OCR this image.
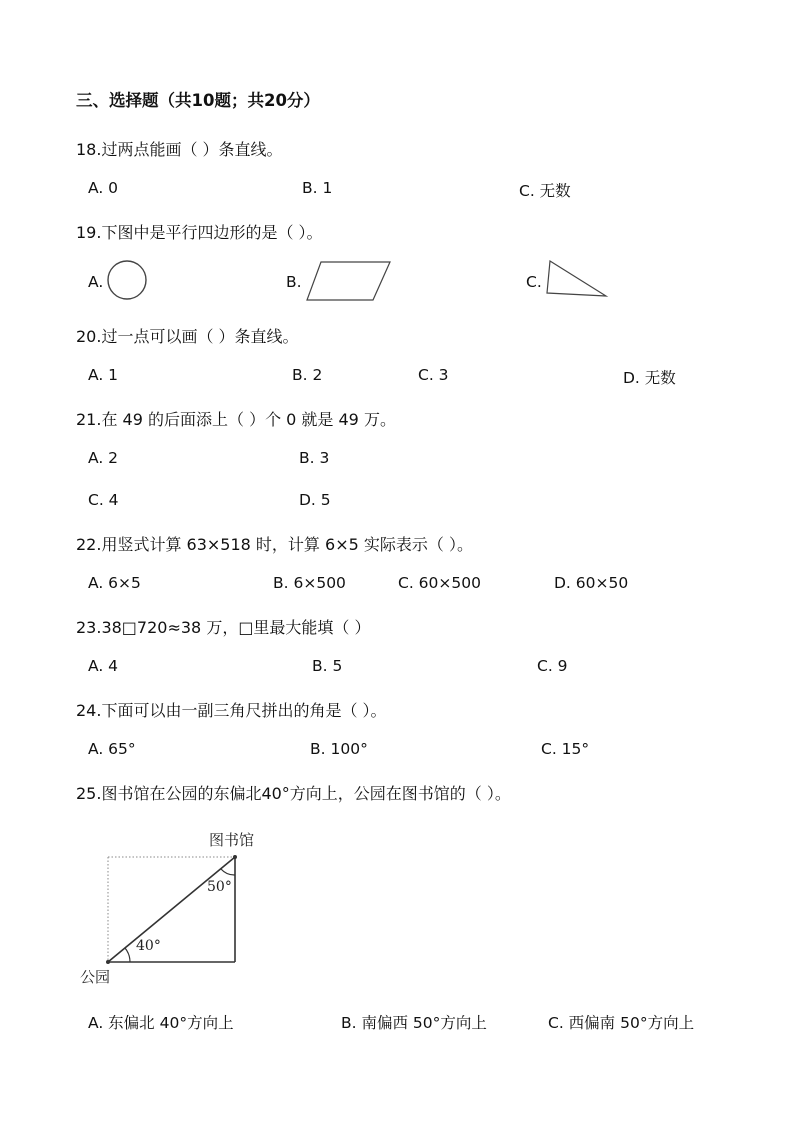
三、选择题（共10题；共20分）
18.过两点能画（ ）条直线。
A. 0	B. 1	C. 无数
19.下图中是平行四边形的是（ ）。
A.	B.	C.
20.过一点可以画（ ）条直线。
A. 1	B. 2	C. 3	D. 无数
21.在 49 的后面添上（ ）个 0 就是 49 万。
A. 2	B. 3
C. 4	D. 5
22.用竖式计算 63×518 时，计算 6×5 实际表示（ ）。
A. 6×5	B. 6×500	C. 60×500	D. 60×50
23.38□720≈38 万，□里最大能填（ ）
A. 4	B. 5	C. 9
24.下面可以由一副三角尺拼出的角是（ ）。
A. 65°	B. 100°	C. 15°
25.图书馆在公园的东偏北40°方向上，公园在图书馆的（ ）。
图书馆
50°
40°
公园
A. 东偏北 40°方向上	B. 南偏西 50°方向上	C. 西偏南 50°方向上
